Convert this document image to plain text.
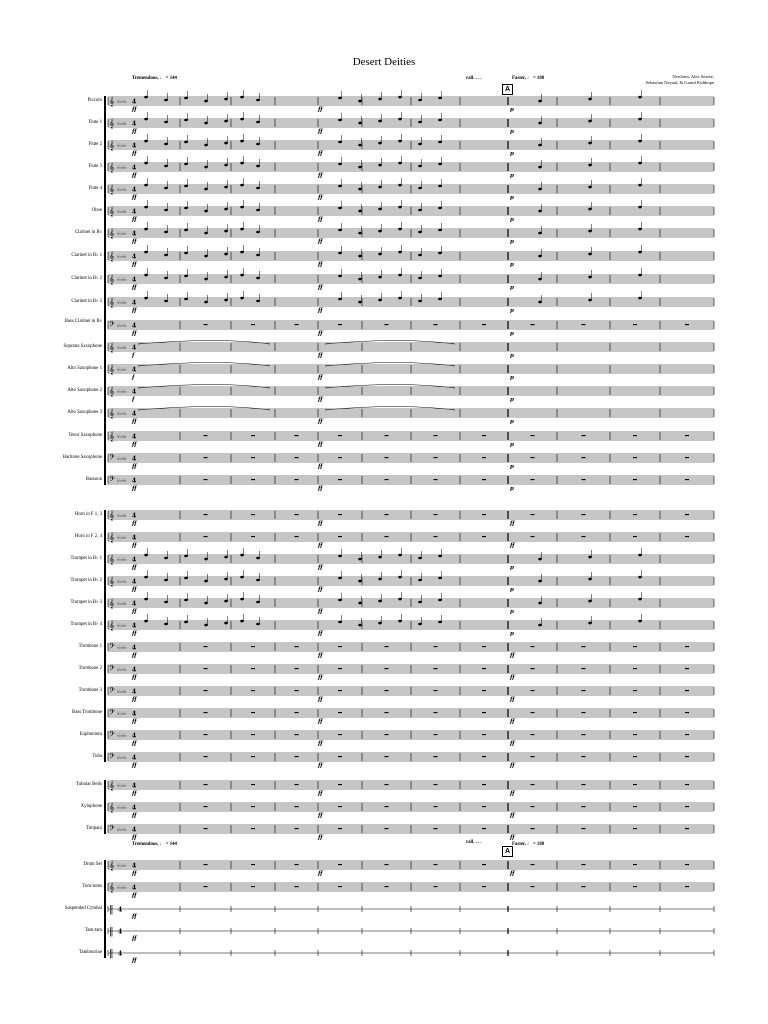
Desert Deities
NeoJonn, Alex Searse,
Sebastian Nayaal, & Grand Kidthope
Tremendous, ♩ = 144	rall. . . .	Faster, ♩ = 180
A
Tremendous, ♩ = 144	rall. . . .	Faster, ♩ = 180
A
Piccolo
Flute 1
Flute 2
Flute 3
Flute 4
Oboe
Clarinet in B♭
Clarinet in B♭ 1
Clarinet in B♭ 2
Clarinet in B♭ 3
Bass Clarinet in B♭
Soprano Saxophone
Alto Saxophone 1
Alto Saxophone 2
Alto Saxophone 3
Tenor Saxophone
Baritone Saxophone
Bassoon
Horn in F 1, 3
Horn in F 2, 4
Trumpet in B♭ 1
Trumpet in B♭ 2
Trumpet in B♭ 3
Trumpet in B♭ 4
Trombone 1
Trombone 2
Trombone 3
Bass Trombone
Euphonium
Tuba
Tubular Bells
Xylophone
Timpani
Drum Set
Tom-toms
Suspended Cymbal
Tam-tam
Tambourine
𝄞 ♭♭♭♭ 4
ff	ff	p
𝄞 ♭♭♭♭ 4
ff	ff	p
𝄞 ♭♭♭♭ 4
ff	ff	p
𝄞 ♭♭♭♭ 4
ff	ff	p
𝄞 ♭♭♭♭ 4
ff	ff	p
𝄞 ♭♭♭♭ 4
ff	ff	p
𝄞 ♭♭♭♭ 4
ff	ff	p
𝄞 ♭♭♭♭ 4
ff	ff	p
𝄞 ♭♭♭♭ 4
ff	ff	p
𝄞 ♭♭♭♭ 4
ff	ff	p
𝄢 ♭♭♭♭ 4
ff	ff	p
𝄞 ♭♭♭♭ 4
f	ff	p
𝄞 ♭♭♭♭ 4
f	ff	p
𝄞 ♭♭♭♭ 4
f	ff	p
𝄞 ♭♭♭♭ 4
ff	ff	p
𝄞 ♭♭♭♭ 4
ff	ff	p
𝄢 ♭♭♭♭ 4
ff	ff	p
𝄢 ♭♭♭♭ 4
ff	ff	p
𝄞 ♭♭♭♭ 4
ff	ff	ff
𝄞 ♭♭♭♭ 4
ff	ff	ff
𝄞 ♭♭♭♭ 4
ff	ff	p
𝄞 ♭♭♭♭ 4
ff	ff	p
𝄞 ♭♭♭♭ 4
ff	ff	p
𝄞 ♭♭♭♭ 4
ff	ff	p
𝄢 ♭♭♭♭ 4
ff	ff	ff
𝄢 ♭♭♭♭ 4
ff	ff	ff
𝄢 ♭♭♭♭ 4
ff	ff	ff
𝄢 ♭♭♭♭ 4
ff	ff	ff
𝄢 ♭♭♭♭ 4
ff	ff	ff
𝄢 ♭♭♭♭ 4
ff	ff	ff
𝄞 ♭♭♭♭ 4
ff	ff	ff
𝄞 ♭♭♭♭ 4
ff	ff	ff
𝄢 ♭♭♭♭ 4
ff	ff	ff
𝄞 ♭♭♭♭ 4
ff	ff	ff
𝄞 ♭♭♭♭ 4
ff
‖ 4
ff
‖ 4
ff
‖ 4
ff
